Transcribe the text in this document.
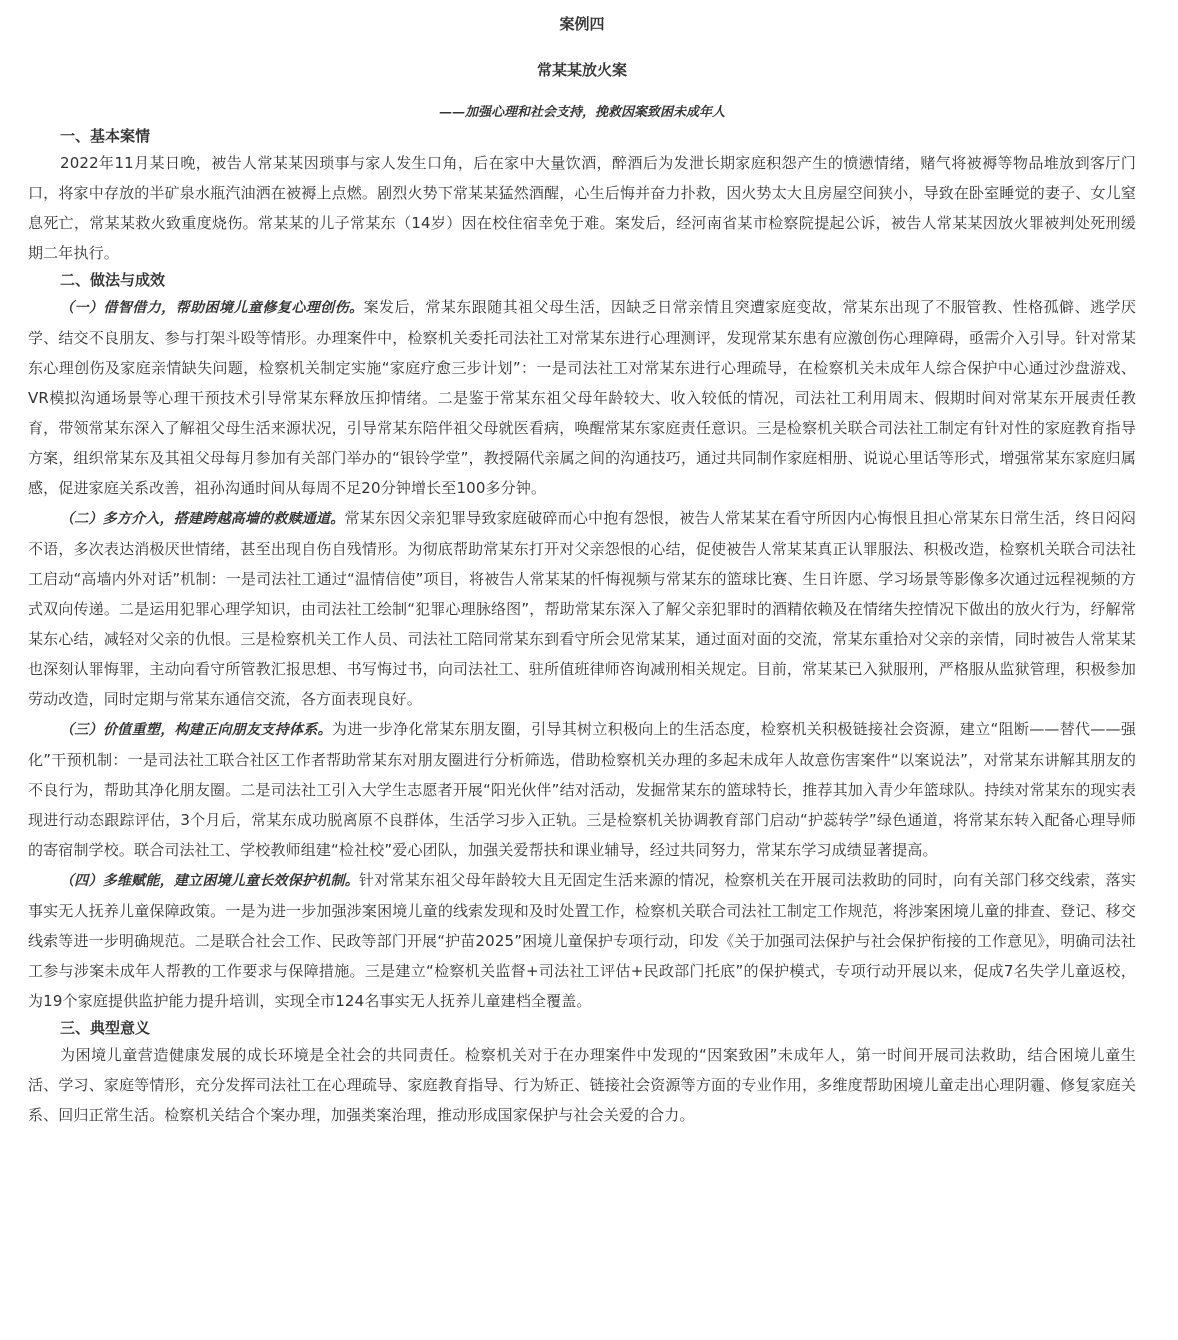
案例四
常某某放火案
——加强心理和社会支持，挽救因案致困未成年人
一、基本案情

2022年11月某日晚，被告人常某某因琐事与家人发生口角，后在家中大量饮酒，醉酒后为发泄长期家庭积怨产生的愤懑情绪，赌气将被褥等物品堆放到客厅门口，将家中存放的半矿泉水瓶汽油洒在被褥上点燃。剧烈火势下常某某猛然酒醒，心生后悔并奋力扑救，因火势太大且房屋空间狭小，导致在卧室睡觉的妻子、女儿窒息死亡，常某某救火致重度烧伤。常某某的儿子常某东（14岁）因在校住宿幸免于难。案发后，经河南省某市检察院提起公诉，被告人常某某因放火罪被判处死刑缓期二年执行。

二、做法与成效

（一）借智借力，帮助困境儿童修复心理创伤。案发后，常某东跟随其祖父母生活，因缺乏日常亲情且突遭家庭变故，常某东出现了不服管教、性格孤僻、逃学厌学、结交不良朋友、参与打架斗殴等情形。办理案件中，检察机关委托司法社工对常某东进行心理测评，发现常某东患有应激创伤心理障碍，亟需介入引导。针对常某东心理创伤及家庭亲情缺失问题，检察机关制定实施“家庭疗愈三步计划”：一是司法社工对常某东进行心理疏导，在检察机关未成年人综合保护中心通过沙盘游戏、VR模拟沟通场景等心理干预技术引导常某东释放压抑情绪。二是鉴于常某东祖父母年龄较大、收入较低的情况，司法社工利用周末、假期时间对常某东开展责任教育，带领常某东深入了解祖父母生活来源状况，引导常某东陪伴祖父母就医看病，唤醒常某东家庭责任意识。三是检察机关联合司法社工制定有针对性的家庭教育指导方案，组织常某东及其祖父母每月参加有关部门举办的“银铃学堂”，教授隔代亲属之间的沟通技巧，通过共同制作家庭相册、说说心里话等形式，增强常某东家庭归属感，促进家庭关系改善，祖孙沟通时间从每周不足20分钟增长至100多分钟。

（二）多方介入，搭建跨越高墙的救赎通道。常某东因父亲犯罪导致家庭破碎而心中抱有怨恨，被告人常某某在看守所因内心悔恨且担心常某东日常生活，终日闷闷不语，多次表达消极厌世情绪，甚至出现自伤自残情形。为彻底帮助常某东打开对父亲怨恨的心结，促使被告人常某某真正认罪服法、积极改造，检察机关联合司法社工启动“高墙内外对话”机制：一是司法社工通过“温情信使”项目，将被告人常某某的忏悔视频与常某东的篮球比赛、生日许愿、学习场景等影像多次通过远程视频的方式双向传递。二是运用犯罪心理学知识，由司法社工绘制“犯罪心理脉络图”，帮助常某东深入了解父亲犯罪时的酒精依赖及在情绪失控情况下做出的放火行为，纾解常某东心结，减轻对父亲的仇恨。三是检察机关工作人员、司法社工陪同常某东到看守所会见常某某，通过面对面的交流，常某东重拾对父亲的亲情，同时被告人常某某也深刻认罪悔罪，主动向看守所管教汇报思想、书写悔过书，向司法社工、驻所值班律师咨询减刑相关规定。目前，常某某已入狱服刑，严格服从监狱管理，积极参加劳动改造，同时定期与常某东通信交流，各方面表现良好。

（三）价值重塑，构建正向朋友支持体系。为进一步净化常某东朋友圈，引导其树立积极向上的生活态度，检察机关积极链接社会资源，建立“阻断——替代——强化”干预机制：一是司法社工联合社区工作者帮助常某东对朋友圈进行分析筛选，借助检察机关办理的多起未成年人故意伤害案件“以案说法”，对常某东讲解其朋友的不良行为，帮助其净化朋友圈。二是司法社工引入大学生志愿者开展“阳光伙伴”结对活动，发掘常某东的篮球特长，推荐其加入青少年篮球队。持续对常某东的现实表现进行动态跟踪评估，3个月后，常某东成功脱离原不良群体，生活学习步入正轨。三是检察机关协调教育部门启动“护蕊转学”绿色通道，将常某东转入配备心理导师的寄宿制学校。联合司法社工、学校教师组建“检社校”爱心团队，加强关爱帮扶和课业辅导，经过共同努力，常某东学习成绩显著提高。

（四）多维赋能，建立困境儿童长效保护机制。针对常某东祖父母年龄较大且无固定生活来源的情况，检察机关在开展司法救助的同时，向有关部门移交线索，落实事实无人抚养儿童保障政策。一是为进一步加强涉案困境儿童的线索发现和及时处置工作，检察机关联合司法社工制定工作规范，将涉案困境儿童的排查、登记、移交线索等进一步明确规范。二是联合社会工作、民政等部门开展“护苗2025”困境儿童保护专项行动，印发《关于加强司法保护与社会保护衔接的工作意见》，明确司法社工参与涉案未成年人帮教的工作要求与保障措施。三是建立“检察机关监督+司法社工评估+民政部门托底”的保护模式，专项行动开展以来，促成7名失学儿童返校，为19个家庭提供监护能力提升培训，实现全市124名事实无人抚养儿童建档全覆盖。

三、典型意义

为困境儿童营造健康发展的成长环境是全社会的共同责任。检察机关对于在办理案件中发现的“因案致困”未成年人，第一时间开展司法救助，结合困境儿童生活、学习、家庭等情形，充分发挥司法社工在心理疏导、家庭教育指导、行为矫正、链接社会资源等方面的专业作用，多维度帮助困境儿童走出心理阴霾、修复家庭关系、回归正常生活。检察机关结合个案办理，加强类案治理，推动形成国家保护与社会关爱的合力。
